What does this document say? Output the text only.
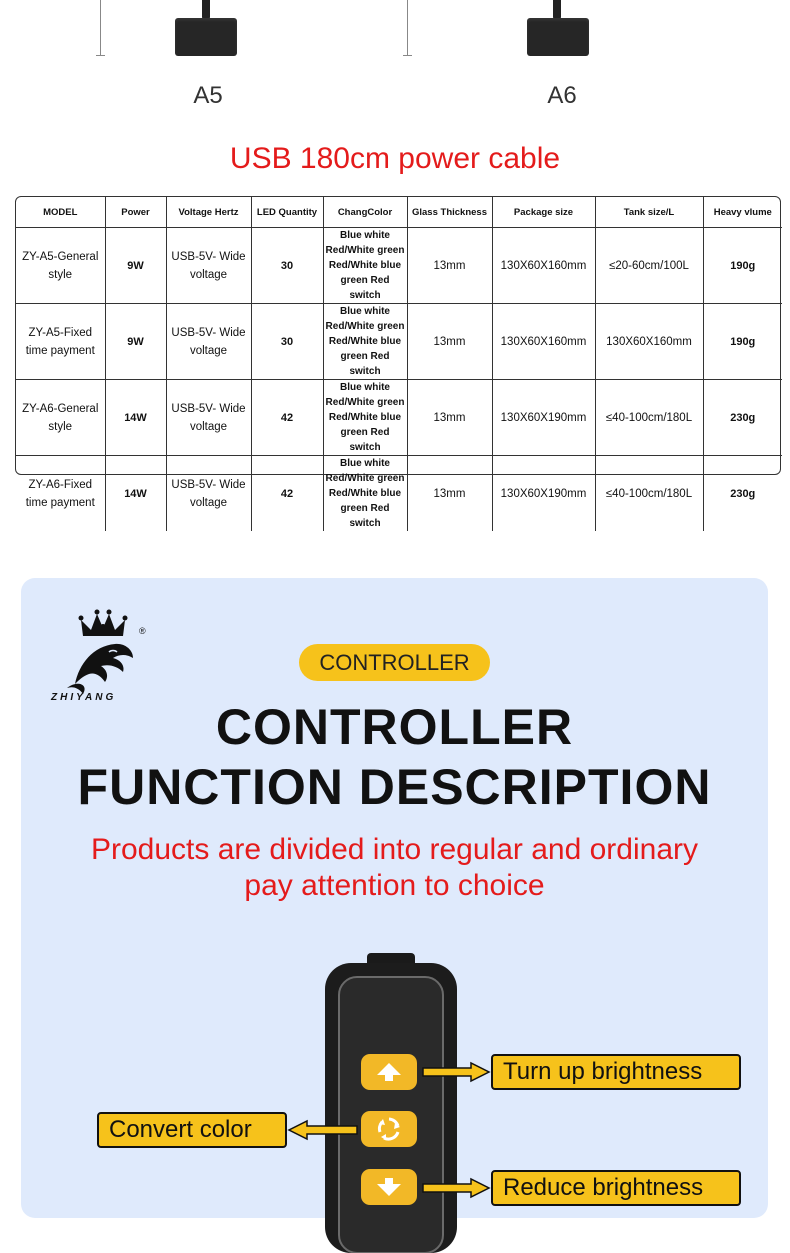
A5	A6
USB 180cm power cable
MODEL	Power	Voltage Hertz	LED Quantity	ChangColor	Glass Thickness	Package size	Tank size/L	Heavy vlume
ZY-A5-General style	9W	USB-5V- Wide voltage	30	Blue white Red/White green Red/White blue green Red switch	13mm	130X60X160mm	≤20-60cm/100L	190g
ZY-A5-Fixed time payment	9W	USB-5V- Wide voltage	30	Blue white Red/White green Red/White blue green Red switch	13mm	130X60X160mm	130X60X160mm	190g
ZY-A6-General style	14W	USB-5V- Wide voltage	42	Blue white Red/White green Red/White blue green Red switch	13mm	130X60X190mm	≤40-100cm/180L	230g
ZY-A6-Fixed time payment	14W	USB-5V- Wide voltage	42	Blue white Red/White green Red/White blue green Red switch	13mm	130X60X190mm	≤40-100cm/180L	230g
ZHIYANG
®
CONTROLLER
CONTROLLER
FUNCTION DESCRIPTION
Products are divided into regular and ordinary
pay attention to choice
Turn up brightness
Convert color
Reduce brightness
